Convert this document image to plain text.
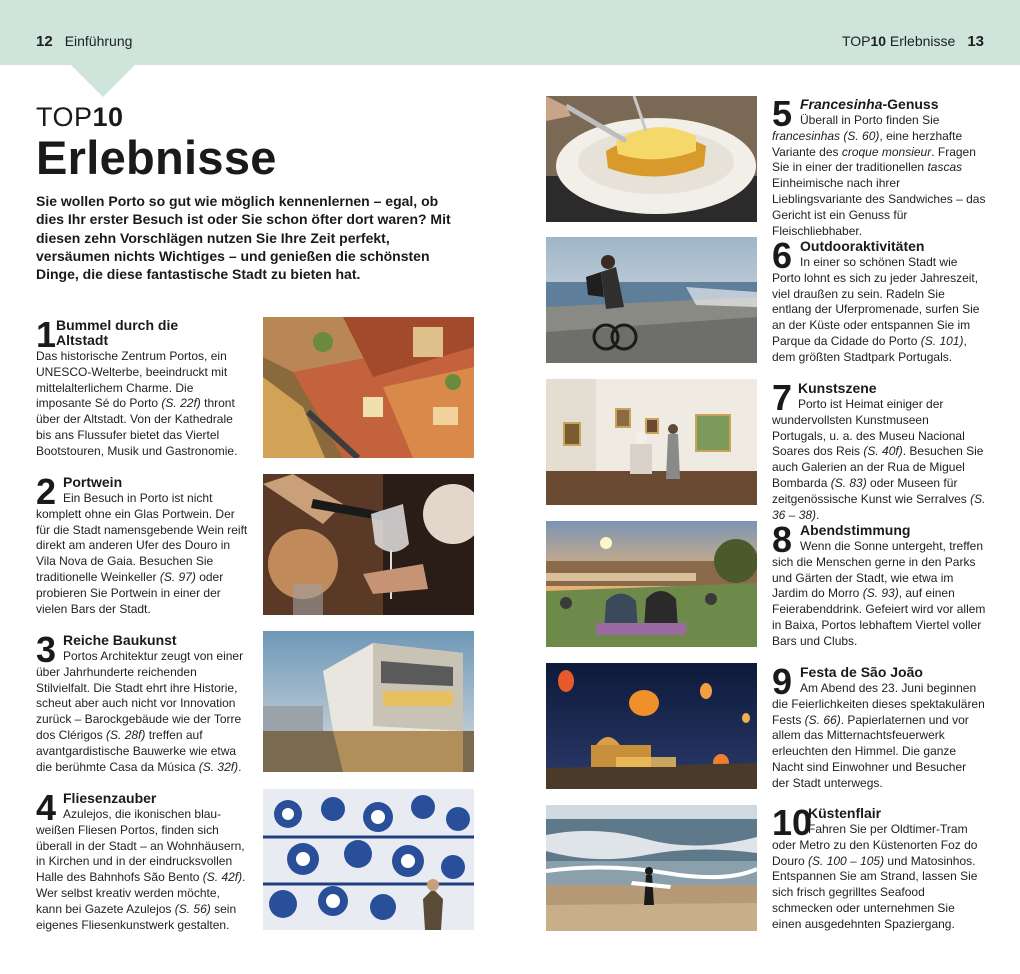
12 Einführung	TOP10 Erlebnisse 13
TOP10
Erlebnisse

Sie wollen Porto so gut wie möglich kennenlernen – egal, ob dies Ihr erster Besuch ist oder Sie schon öfter dort waren? Mit diesen zehn Vorschlägen nutzen Sie Ihre Zeit perfekt, versäumen nichts Wichtiges – und genießen die schönsten Dinge, die diese fantastische Stadt zu bieten hat.

1 Bummel durch die Altstadt
Das historische Zentrum Portos, ein UNESCO-Welterbe, beeindruckt mit mittelalterlichem Charme. Die imposante Sé do Porto (S. 22f) thront über der Altstadt. Von der Kathedrale bis ans Flussufer bietet das Viertel Bootstouren, Musik und Gastronomie.
2 Portwein
Ein Besuch in Porto ist nicht komplett ohne ein Glas Portwein. Der für die Stadt namensgebende Wein reift direkt am anderen Ufer des Douro in Vila Nova de Gaia. Besuchen Sie traditionelle Weinkeller (S. 97) oder probieren Sie Portwein in einer der vielen Bars der Stadt.
3 Reiche Baukunst
Portos Architektur zeugt von einer über Jahrhunderte reichenden Stilvielfalt. Die Stadt ehrt ihre Historie, scheut aber auch nicht vor Innovation zurück – Barockgebäude wie der Torre dos Clérigos (S. 28f) treffen auf avantgardistische Bauwerke wie etwa die berühmte Casa da Música (S. 32f).
4 Fliesenzauber
Azulejos, die ikonischen blau-weißen Fliesen Portos, finden sich überall in der Stadt – an Wohnhäusern, in Kirchen und in der eindrucksvollen Halle des Bahnhofs São Bento (S. 42f). Wer selbst kreativ werden möchte, kann bei Gazete Azulejos (S. 56) sein eigenes Fliesenkunstwerk gestalten.
5 Francesinha-Genuss
Überall in Porto finden Sie francesinhas (S. 60), eine herzhafte Variante des croque monsieur. Fragen Sie in einer der traditionellen tascas Einheimische nach ihrer Lieblingsvariante des Sandwiches – das Gericht ist ein Genuss für Fleischliebhaber.
6 Outdooraktivitäten
In einer so schönen Stadt wie Porto lohnt es sich zu jeder Jahreszeit, viel draußen zu sein. Radeln Sie entlang der Uferpromenade, surfen Sie an der Küste oder entspannen Sie im Parque da Cidade do Porto (S. 101), dem größten Stadtpark Portugals.
7 Kunstszene
Porto ist Heimat einiger der wundervollsten Kunstmuseen Portugals, u. a. des Museu Nacional Soares dos Reis (S. 40f). Besuchen Sie auch Galerien an der Rua de Miguel Bombarda (S. 83) oder Museen für zeitgenössische Kunst wie Serralves (S. 36 – 38).
8 Abendstimmung
Wenn die Sonne untergeht, treffen sich die Menschen gerne in den Parks und Gärten der Stadt, wie etwa im Jardim do Morro (S. 93), auf einen Feierabenddrink. Gefeiert wird vor allem in Baixa, Portos lebhaftem Viertel voller Bars und Clubs.
9 Festa de São João
Am Abend des 23. Juni beginnen die Feierlichkeiten dieses spektakulären Fests (S. 66). Papierlaternen und vor allem das Mitternachtsfeuerwerk erleuchten den Himmel. Die ganze Nacht sind Einwohner und Besucher der Stadt unterwegs.
10
Küstenflair
Fahren Sie per Oldtimer-Tram oder Metro zu den Küstenorten Foz do Douro (S. 100 – 105) und Matosinhos. Entspannen Sie am Strand, lassen Sie sich frisch gegrilltes Seafood schmecken oder unternehmen Sie einen ausgedehnten Spaziergang.
